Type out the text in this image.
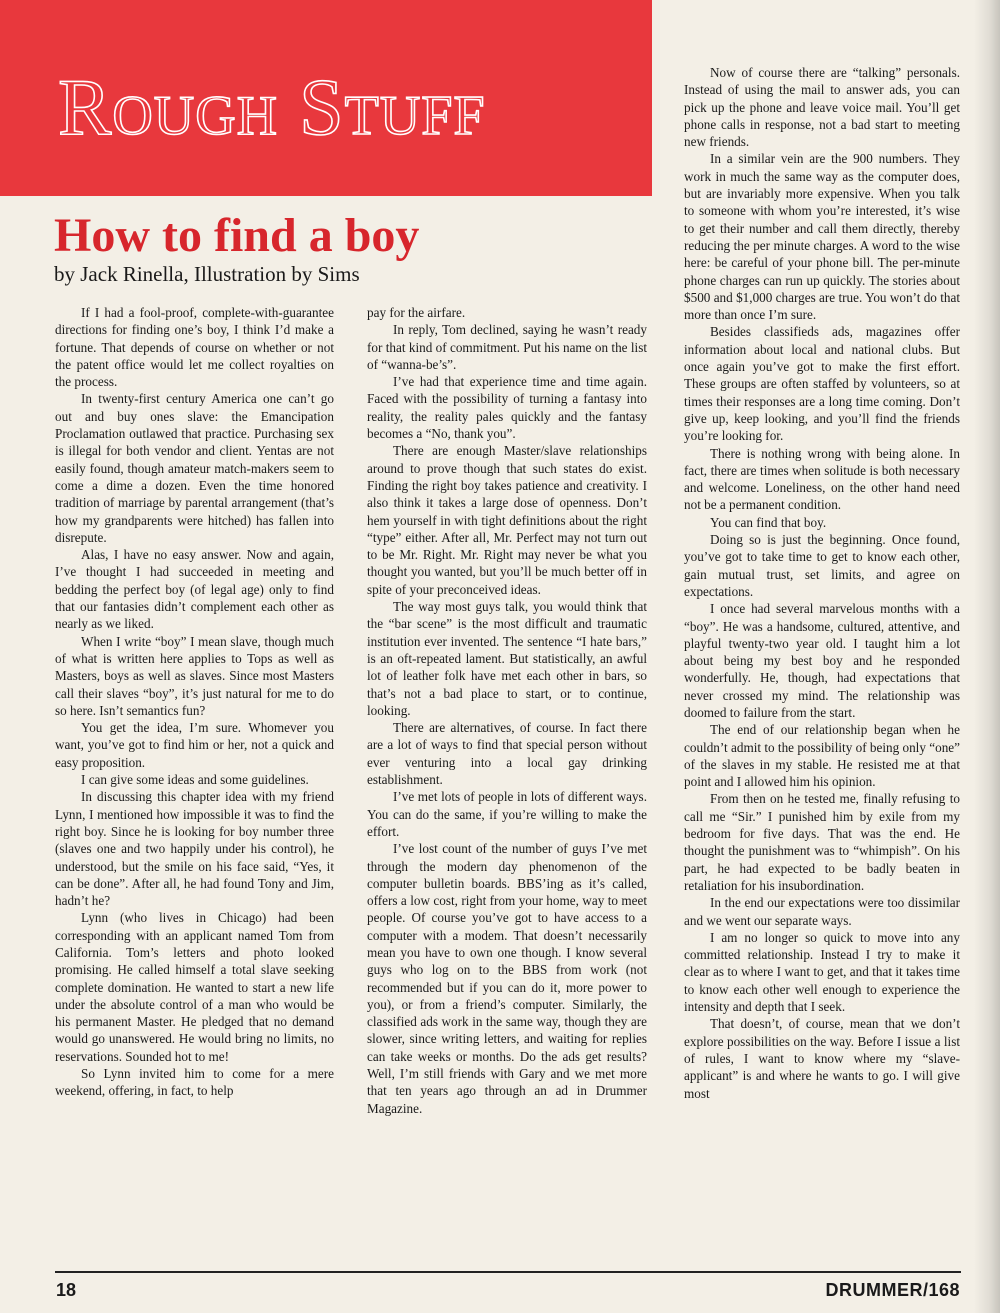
Rough Stuff
How to find a boy
by Jack Rinella, Illustration by Sims

If I had a fool-proof, complete-with-guarantee directions for finding one’s boy, I think I’d make a fortune. That depends of course on whether or not the patent office would let me collect royalties on the process.

In twenty-first century America one can’t go out and buy ones slave: the Emancipation Proclamation outlawed that practice. Purchasing sex is illegal for both vendor and client. Yentas are not easily found, though amateur match-makers seem to come a dime a dozen. Even the time honored tradition of marriage by parental arrangement (that’s how my grandparents were hitched) has fallen into disrepute.

Alas, I have no easy answer. Now and again, I’ve thought I had succeeded in meeting and bedding the perfect boy (of legal age) only to find that our fantasies didn’t complement each other as nearly as we liked.

When I write “boy” I mean slave, though much of what is written here applies to Tops as well as Masters, boys as well as slaves. Since most Masters call their slaves “boy”, it’s just natural for me to do so here. Isn’t semantics fun?

You get the idea, I’m sure. Whomever you want, you’ve got to find him or her, not a quick and easy proposition.

I can give some ideas and some guidelines.

In discussing this chapter idea with my friend Lynn, I mentioned how impossible it was to find the right boy. Since he is looking for boy number three (slaves one and two happily under his control), he understood, but the smile on his face said, “Yes, it can be done”. After all, he had found Tony and Jim, hadn’t he?

Lynn (who lives in Chicago) had been corresponding with an applicant named Tom from California. Tom’s letters and photo looked promising. He called himself a total slave seeking complete domination. He wanted to start a new life under the absolute control of a man who would be his permanent Master. He pledged that no demand would go unanswered. He would bring no limits, no reservations. Sounded hot to me!

So Lynn invited him to come for a mere weekend, offering, in fact, to help

pay for the airfare.

In reply, Tom declined, saying he wasn’t ready for that kind of commitment. Put his name on the list of “wanna-be’s”.

I’ve had that experience time and time again. Faced with the possibility of turning a fantasy into reality, the reality pales quickly and the fantasy becomes a “No, thank you”.

There are enough Master/slave relationships around to prove though that such states do exist. Finding the right boy takes patience and creativity. I also think it takes a large dose of openness. Don’t hem yourself in with tight definitions about the right “type” either. After all, Mr. Perfect may not turn out to be Mr. Right. Mr. Right may never be what you thought you wanted, but you’ll be much better off in spite of your preconceived ideas.

The way most guys talk, you would think that the “bar scene” is the most difficult and traumatic institution ever invented. The sentence “I hate bars,” is an oft-repeated lament. But statistically, an awful lot of leather folk have met each other in bars, so that’s not a bad place to start, or to continue, looking.

There are alternatives, of course. In fact there are a lot of ways to find that special person without ever venturing into a local gay drinking establishment.

I’ve met lots of people in lots of different ways. You can do the same, if you’re willing to make the effort.

I’ve lost count of the number of guys I’ve met through the modern day phenomenon of the computer bulletin boards. BBS’ing as it’s called, offers a low cost, right from your home, way to meet people. Of course you’ve got to have access to a computer with a modem. That doesn’t necessarily mean you have to own one though. I know several guys who log on to the BBS from work (not recommended but if you can do it, more power to you), or from a friend’s computer. Similarly, the classified ads work in the same way, though they are slower, since writing letters, and waiting for replies can take weeks or months. Do the ads get results? Well, I’m still friends with Gary and we met more that ten years ago through an ad in Drummer Magazine.

Now of course there are “talking” personals. Instead of using the mail to answer ads, you can pick up the phone and leave voice mail. You’ll get phone calls in response, not a bad start to meeting new friends.

In a similar vein are the 900 numbers. They work in much the same way as the computer does, but are invariably more expensive. When you talk to someone with whom you’re interested, it’s wise to get their number and call them directly, thereby reducing the per minute charges. A word to the wise here: be careful of your phone bill. The per-minute phone charges can run up quickly. The stories about $500 and $1,000 charges are true. You won’t do that more than once I’m sure.

Besides classifieds ads, magazines offer information about local and national clubs. But once again you’ve got to make the first effort. These groups are often staffed by volunteers, so at times their responses are a long time coming. Don’t give up, keep looking, and you’ll find the friends you’re looking for.

There is nothing wrong with being alone. In fact, there are times when solitude is both necessary and welcome. Loneliness, on the other hand need not be a permanent condition.

You can find that boy.

Doing so is just the beginning. Once found, you’ve got to take time to get to know each other, gain mutual trust, set limits, and agree on expectations.

I once had several marvelous months with a “boy”. He was a handsome, cultured, attentive, and playful twenty-two year old. I taught him a lot about being my best boy and he responded wonderfully. He, though, had expectations that never crossed my mind. The relationship was doomed to failure from the start.

The end of our relationship began when he couldn’t admit to the possibility of being only “one” of the slaves in my stable. He resisted me at that point and I allowed him his opinion.

From then on he tested me, finally refusing to call me “Sir.” I punished him by exile from my bedroom for five days. That was the end. He thought the punishment was to “whimpish”. On his part, he had expected to be badly beaten in retaliation for his insubordination.

In the end our expectations were too dissimilar and we went our separate ways.

I am no longer so quick to move into any committed relationship. Instead I try to make it clear as to where I want to get, and that it takes time to know each other well enough to experience the intensity and depth that I seek.

That doesn’t, of course, mean that we don’t explore possibilities on the way. Before I issue a list of rules, I want to know where my “slave-applicant” is and where he wants to go. I will give most

18	DRUMMER/168
